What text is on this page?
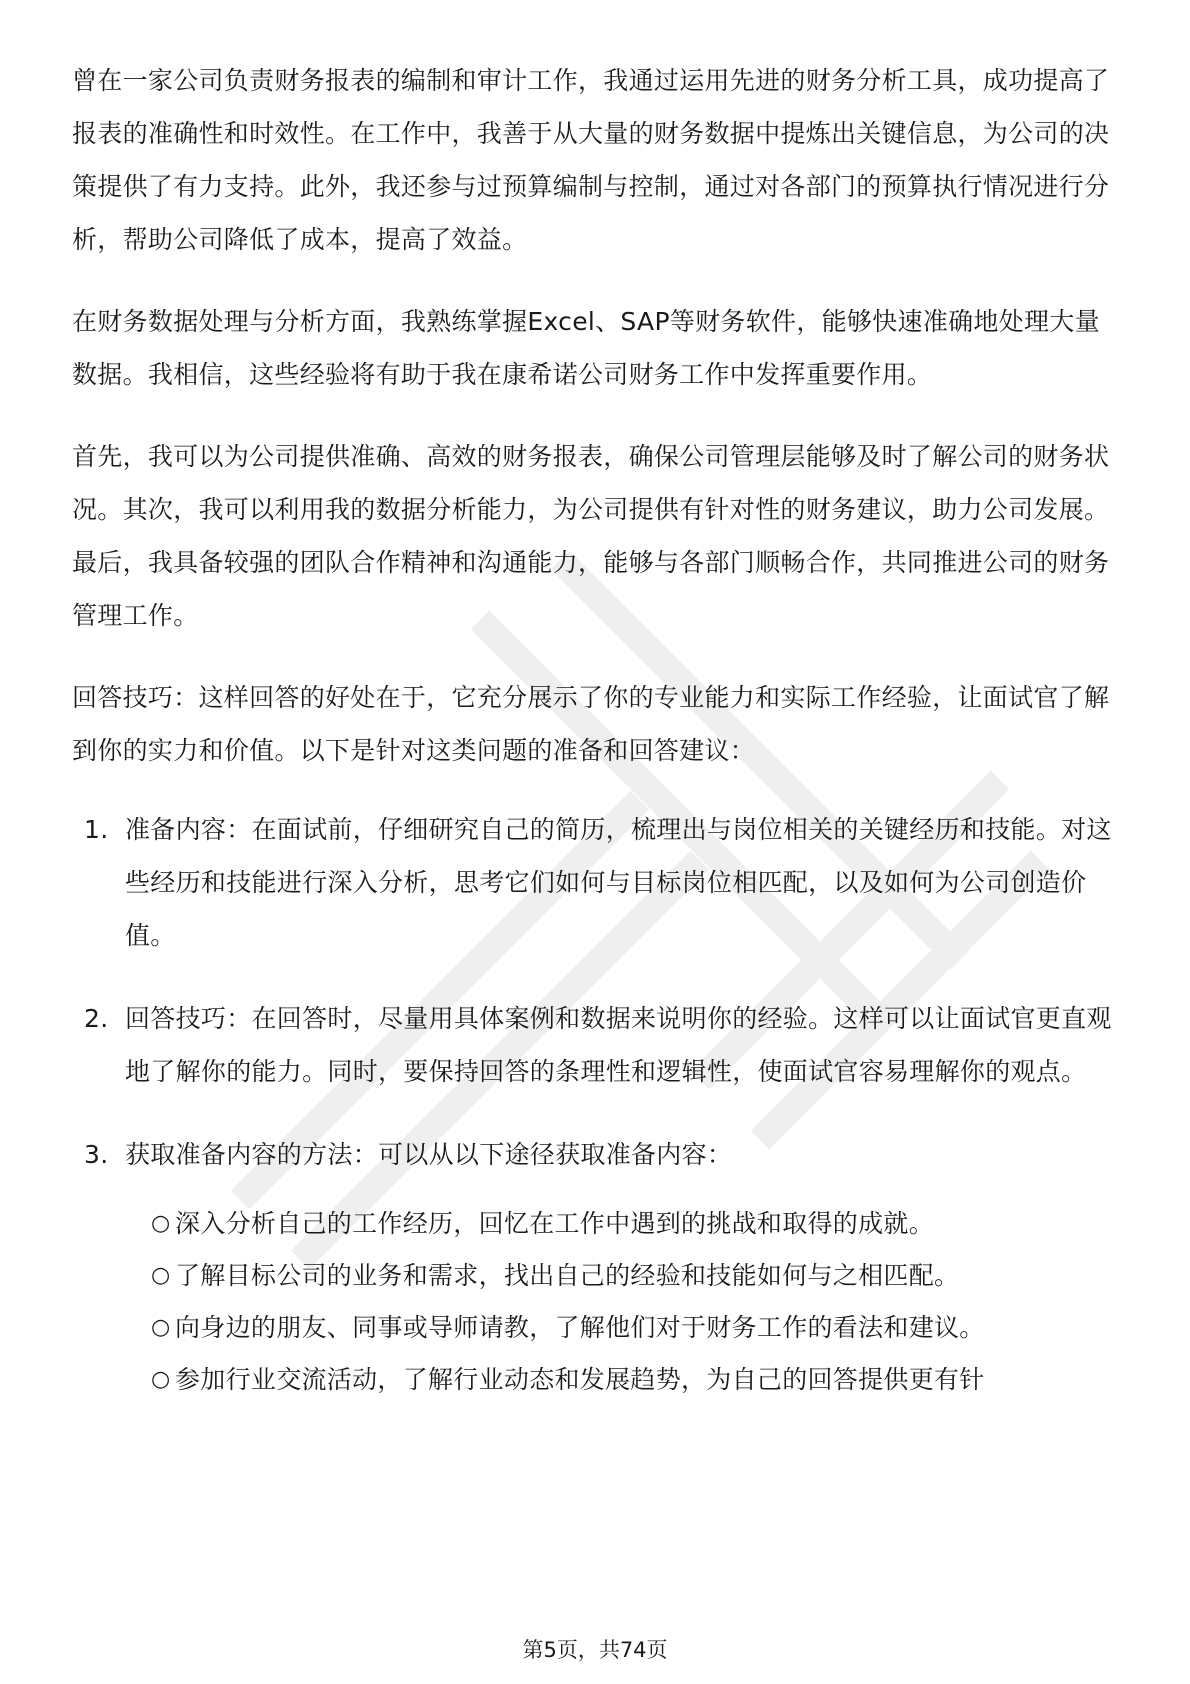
曾在一家公司负责财务报表的编制和审计工作，我通过运用先进的财务分析工具，成功提高了报表的准确性和时效性。在工作中，我善于从大量的财务数据中提炼出关键信息，为公司的决策提供了有力支持。此外，我还参与过预算编制与控制，通过对各部门的预算执行情况进行分析，帮助公司降低了成本，提高了效益。

在财务数据处理与分析方面，我熟练掌握Excel、SAP等财务软件，能够快速准确地处理大量数据。我相信，这些经验将有助于我在康希诺公司财务工作中发挥重要作用。

首先，我可以为公司提供准确、高效的财务报表，确保公司管理层能够及时了解公司的财务状况。其次，我可以利用我的数据分析能力，为公司提供有针对性的财务建议，助力公司发展。最后，我具备较强的团队合作精神和沟通能力，能够与各部门顺畅合作，共同推进公司的财务管理工作。

回答技巧：这样回答的好处在于，它充分展示了你的专业能力和实际工作经验，让面试官了解到你的实力和价值。以下是针对这类问题的准备和回答建议：

1. 准备内容：在面试前，仔细研究自己的简历，梳理出与岗位相关的关键经历和技能。对这些经历和技能进行深入分析，思考它们如何与目标岗位相匹配，以及如何为公司创造价值。
2. 回答技巧：在回答时，尽量用具体案例和数据来说明你的经验。这样可以让面试官更直观地了解你的能力。同时，要保持回答的条理性和逻辑性，使面试官容易理解你的观点。
3. 获取准备内容的方法：可以从以下途径获取准备内容：
○ 深入分析自己的工作经历，回忆在工作中遇到的挑战和取得的成就。
○ 了解目标公司的业务和需求，找出自己的经验和技能如何与之相匹配。
○ 向身边的朋友、同事或导师请教，了解他们对于财务工作的看法和建议。
○ 参加行业交流活动，了解行业动态和发展趋势，为自己的回答提供更有针
第5页，共74页
